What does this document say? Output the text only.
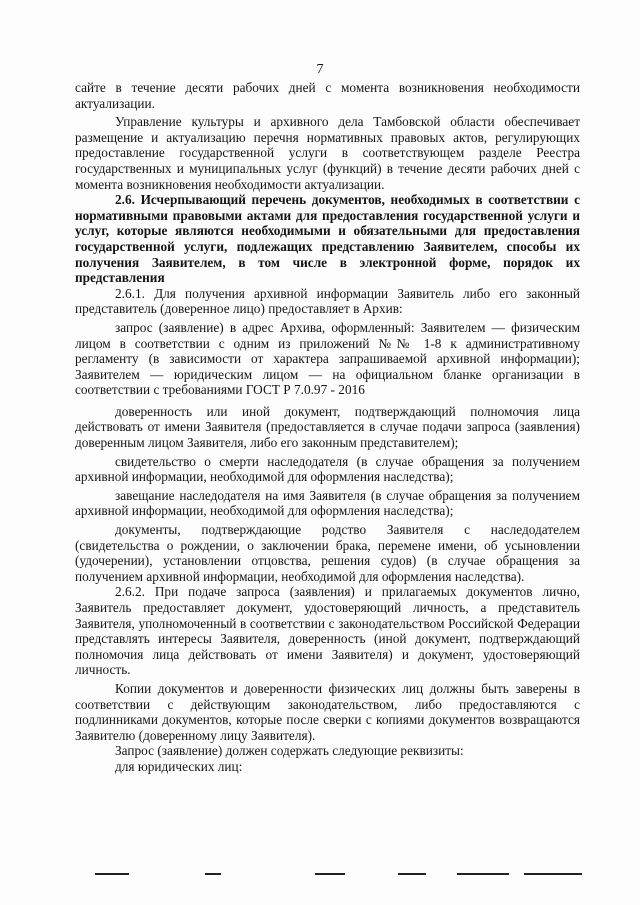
7

сайте в течение десяти рабочих дней с момента возникновения необходимости актуализации.

Управление культуры и архивного дела Тамбовской области обеспечивает размещение и актуализацию перечня нормативных правовых актов, регулирующих предоставление государственной услуги в соответствующем разделе Реестра государственных и муниципальных услуг (функций) в течение десяти рабочих дней с момента возникновения необходимости актуализации.

2.6. Исчерпывающий перечень документов, необходимых в соответствии с нормативными правовыми актами для предоставления государственной услуги и услуг, которые являются необходимыми и обязательными для предоставления государственной услуги, подлежащих представлению Заявителем, способы их получения Заявителем, в том числе в электронной форме, порядок их представления

2.6.1. Для получения архивной информации Заявитель либо его законный представитель (доверенное лицо) предоставляет в Архив:

запрос (заявление) в адрес Архива, оформленный: Заявителем — физическим лицом в соответствии с одним из приложений №№ 1-8 к административному регламенту (в зависимости от характера запрашиваемой архивной информации); Заявителем — юридическим лицом — на официальном бланке организации в соответствии с требованиями ГОСТ Р 7.0.97 - 2016

доверенность или иной документ, подтверждающий полномочия лица действовать от имени Заявителя (предоставляется в случае подачи запроса (заявления) доверенным лицом Заявителя, либо его законным представителем);

свидетельство о смерти наследодателя (в случае обращения за получением архивной информации, необходимой для оформления наследства);

завещание наследодателя на имя Заявителя (в случае обращения за получением архивной информации, необходимой для оформления наследства);

документы, подтверждающие родство Заявителя с наследодателем (свидетельства о рождении, о заключении брака, перемене имени, об усыновлении (удочерении), установлении отцовства, решения судов) (в случае обращения за получением архивной информации, необходимой для оформления наследства).

2.6.2. При подаче запроса (заявления) и прилагаемых документов лично, Заявитель предоставляет документ, удостоверяющий личность, а представитель Заявителя, уполномоченный в соответствии с законодательством Российской Федерации представлять интересы Заявителя, доверенность (иной документ, подтверждающий полномочия лица действовать от имени Заявителя) и документ, удостоверяющий личность.

Копии документов и доверенности физических лиц должны быть заверены в соответствии с действующим законодательством, либо предоставляются с подлинниками документов, которые после сверки с копиями документов возвращаются Заявителю (доверенному лицу Заявителя).

Запрос (заявление) должен содержать следующие реквизиты:

для юридических лиц:
